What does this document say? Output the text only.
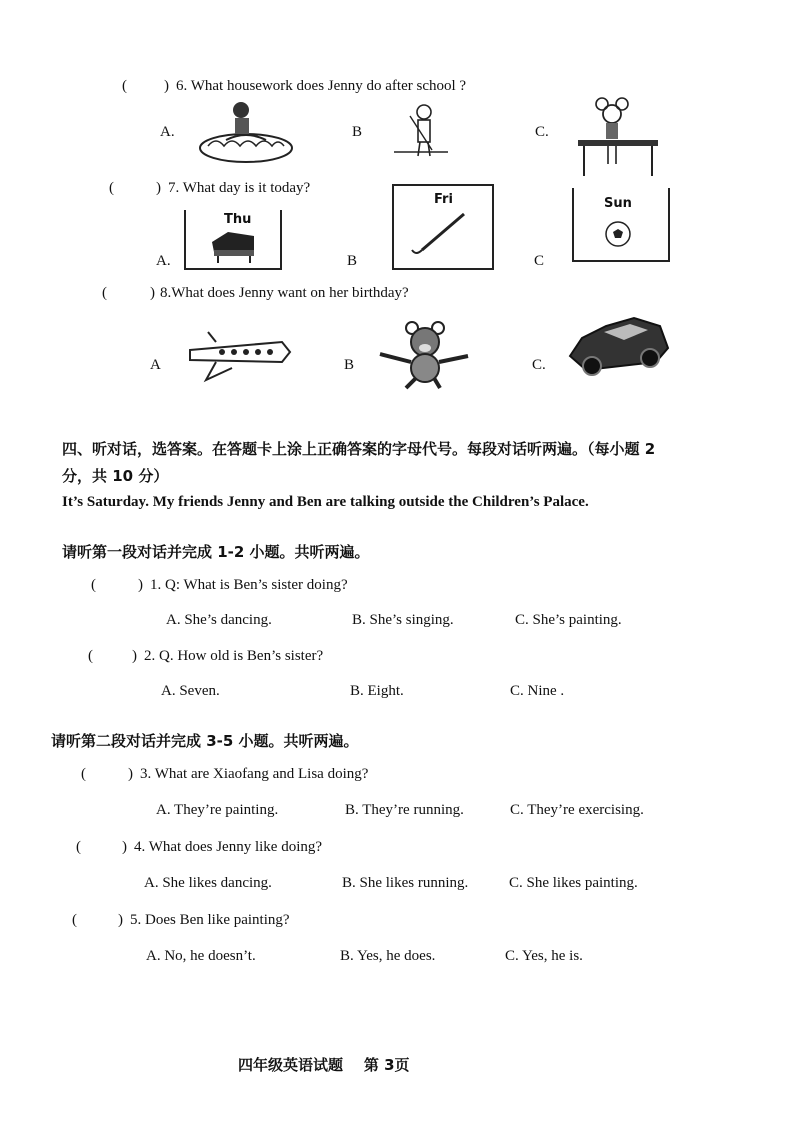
( ) 6. What housework does Jenny do after school ?
A.	B	C.
(	) 7. What day is it today?
A.	B	C
Thu
Fri	Sun
(	) 8.What does Jenny want on her birthday?
A	B	C.
四、听对话，选答案。在答题卡上涂上正确答案的字母代号。每段对话听两遍。（每小题 2
分，共 10 分）
It’s Saturday. My friends Jenny and Ben are talking outside the Children’s Palace.
请听第一段对话并完成 1-2 小题。共听两遍。
(	) 1. Q: What is Ben’s sister doing?
A. She’s dancing.	B. She’s singing.	C. She’s painting.
(	) 2. Q. How old is Ben’s sister?
A. Seven.	B. Eight.	C. Nine .
请听第二段对话并完成 3-5 小题。共听两遍。
(	) 3. What are Xiaofang and Lisa doing?
A. They’re painting.	B. They’re running.	C. They’re exercising.
(	) 4. What does Jenny like doing?
A. She likes dancing.	B. She likes running.	C. She likes painting.
(	) 5. Does Ben like painting?
A. No, he doesn’t.	B. Yes, he does.	C. Yes, he is.
四年级英语试题    第 3页
